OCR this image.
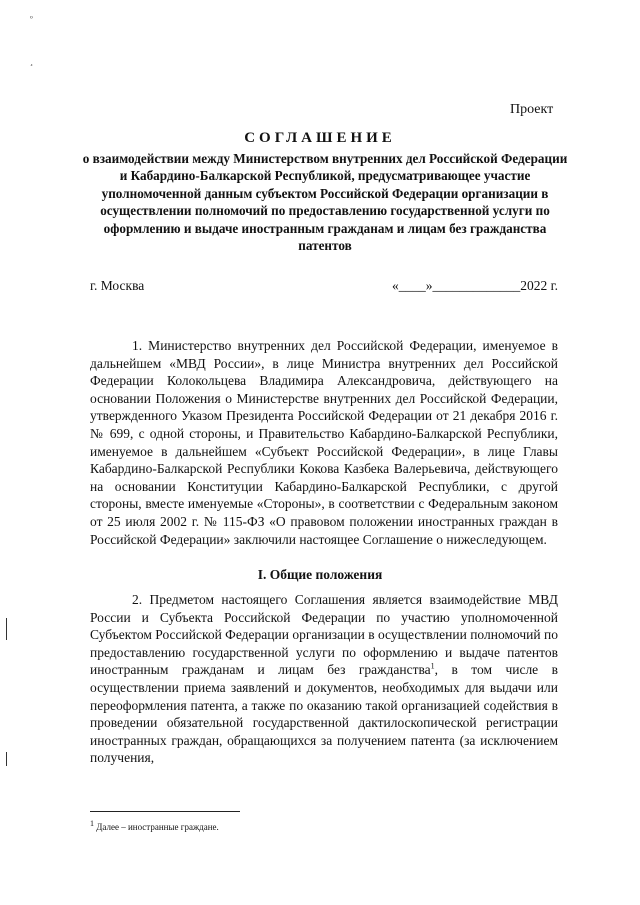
º
¸
Проект
СОГЛАШЕНИЕ
о взаимодействии между Министерством внутренних дел Российской Федерации и Кабардино-Балкарской Республикой, предусматривающее участие уполномоченной данным субъектом Российской Федерации организации в осуществлении полномочий по предоставлению государственной услуги по оформлению и выдаче иностранным гражданам и лицам без гражданства патентов
г. Москва	«____»_____________2022 г.

1. Министерство внутренних дел Российской Федерации, именуемое в дальнейшем «МВД России», в лице Министра внутренних дел Российской Федерации Колокольцева Владимира Александровича, действующего на основании Положения о Министерстве внутренних дел Российской Федерации, утвержденного Указом Президента Российской Федерации от 21 декабря 2016 г. № 699, с одной стороны, и Правительство Кабардино-Балкарской Республики, именуемое в дальнейшем «Субъект Российской Федерации», в лице Главы Кабардино-Балкарской Республики Кокова Казбека Валерьевича, действующего на основании Конституции Кабардино-Балкарской Республики, с другой стороны, вместе именуемые «Стороны», в соответствии с Федеральным законом от 25 июля 2002 г. № 115-ФЗ «О правовом положении иностранных граждан в Российской Федерации» заключили настоящее Соглашение о нижеследующем.

I. Общие положения

2. Предметом настоящего Соглашения является взаимодействие МВД России и Субъекта Российской Федерации по участию уполномоченной Субъектом Российской Федерации организации в осуществлении полномочий по предоставлению государственной услуги по оформлению и выдаче патентов иностранным гражданам и лицам без гражданства$^1$, в том числе в осуществлении приема заявлений и документов, необходимых для выдачи или переоформления патента, а также по оказанию такой организацией содействия в проведении обязательной государственной дактилоскопической регистрации иностранных граждан, обращающихся за получением патента (за исключением получения,

1 Далее – иностранные граждане.
